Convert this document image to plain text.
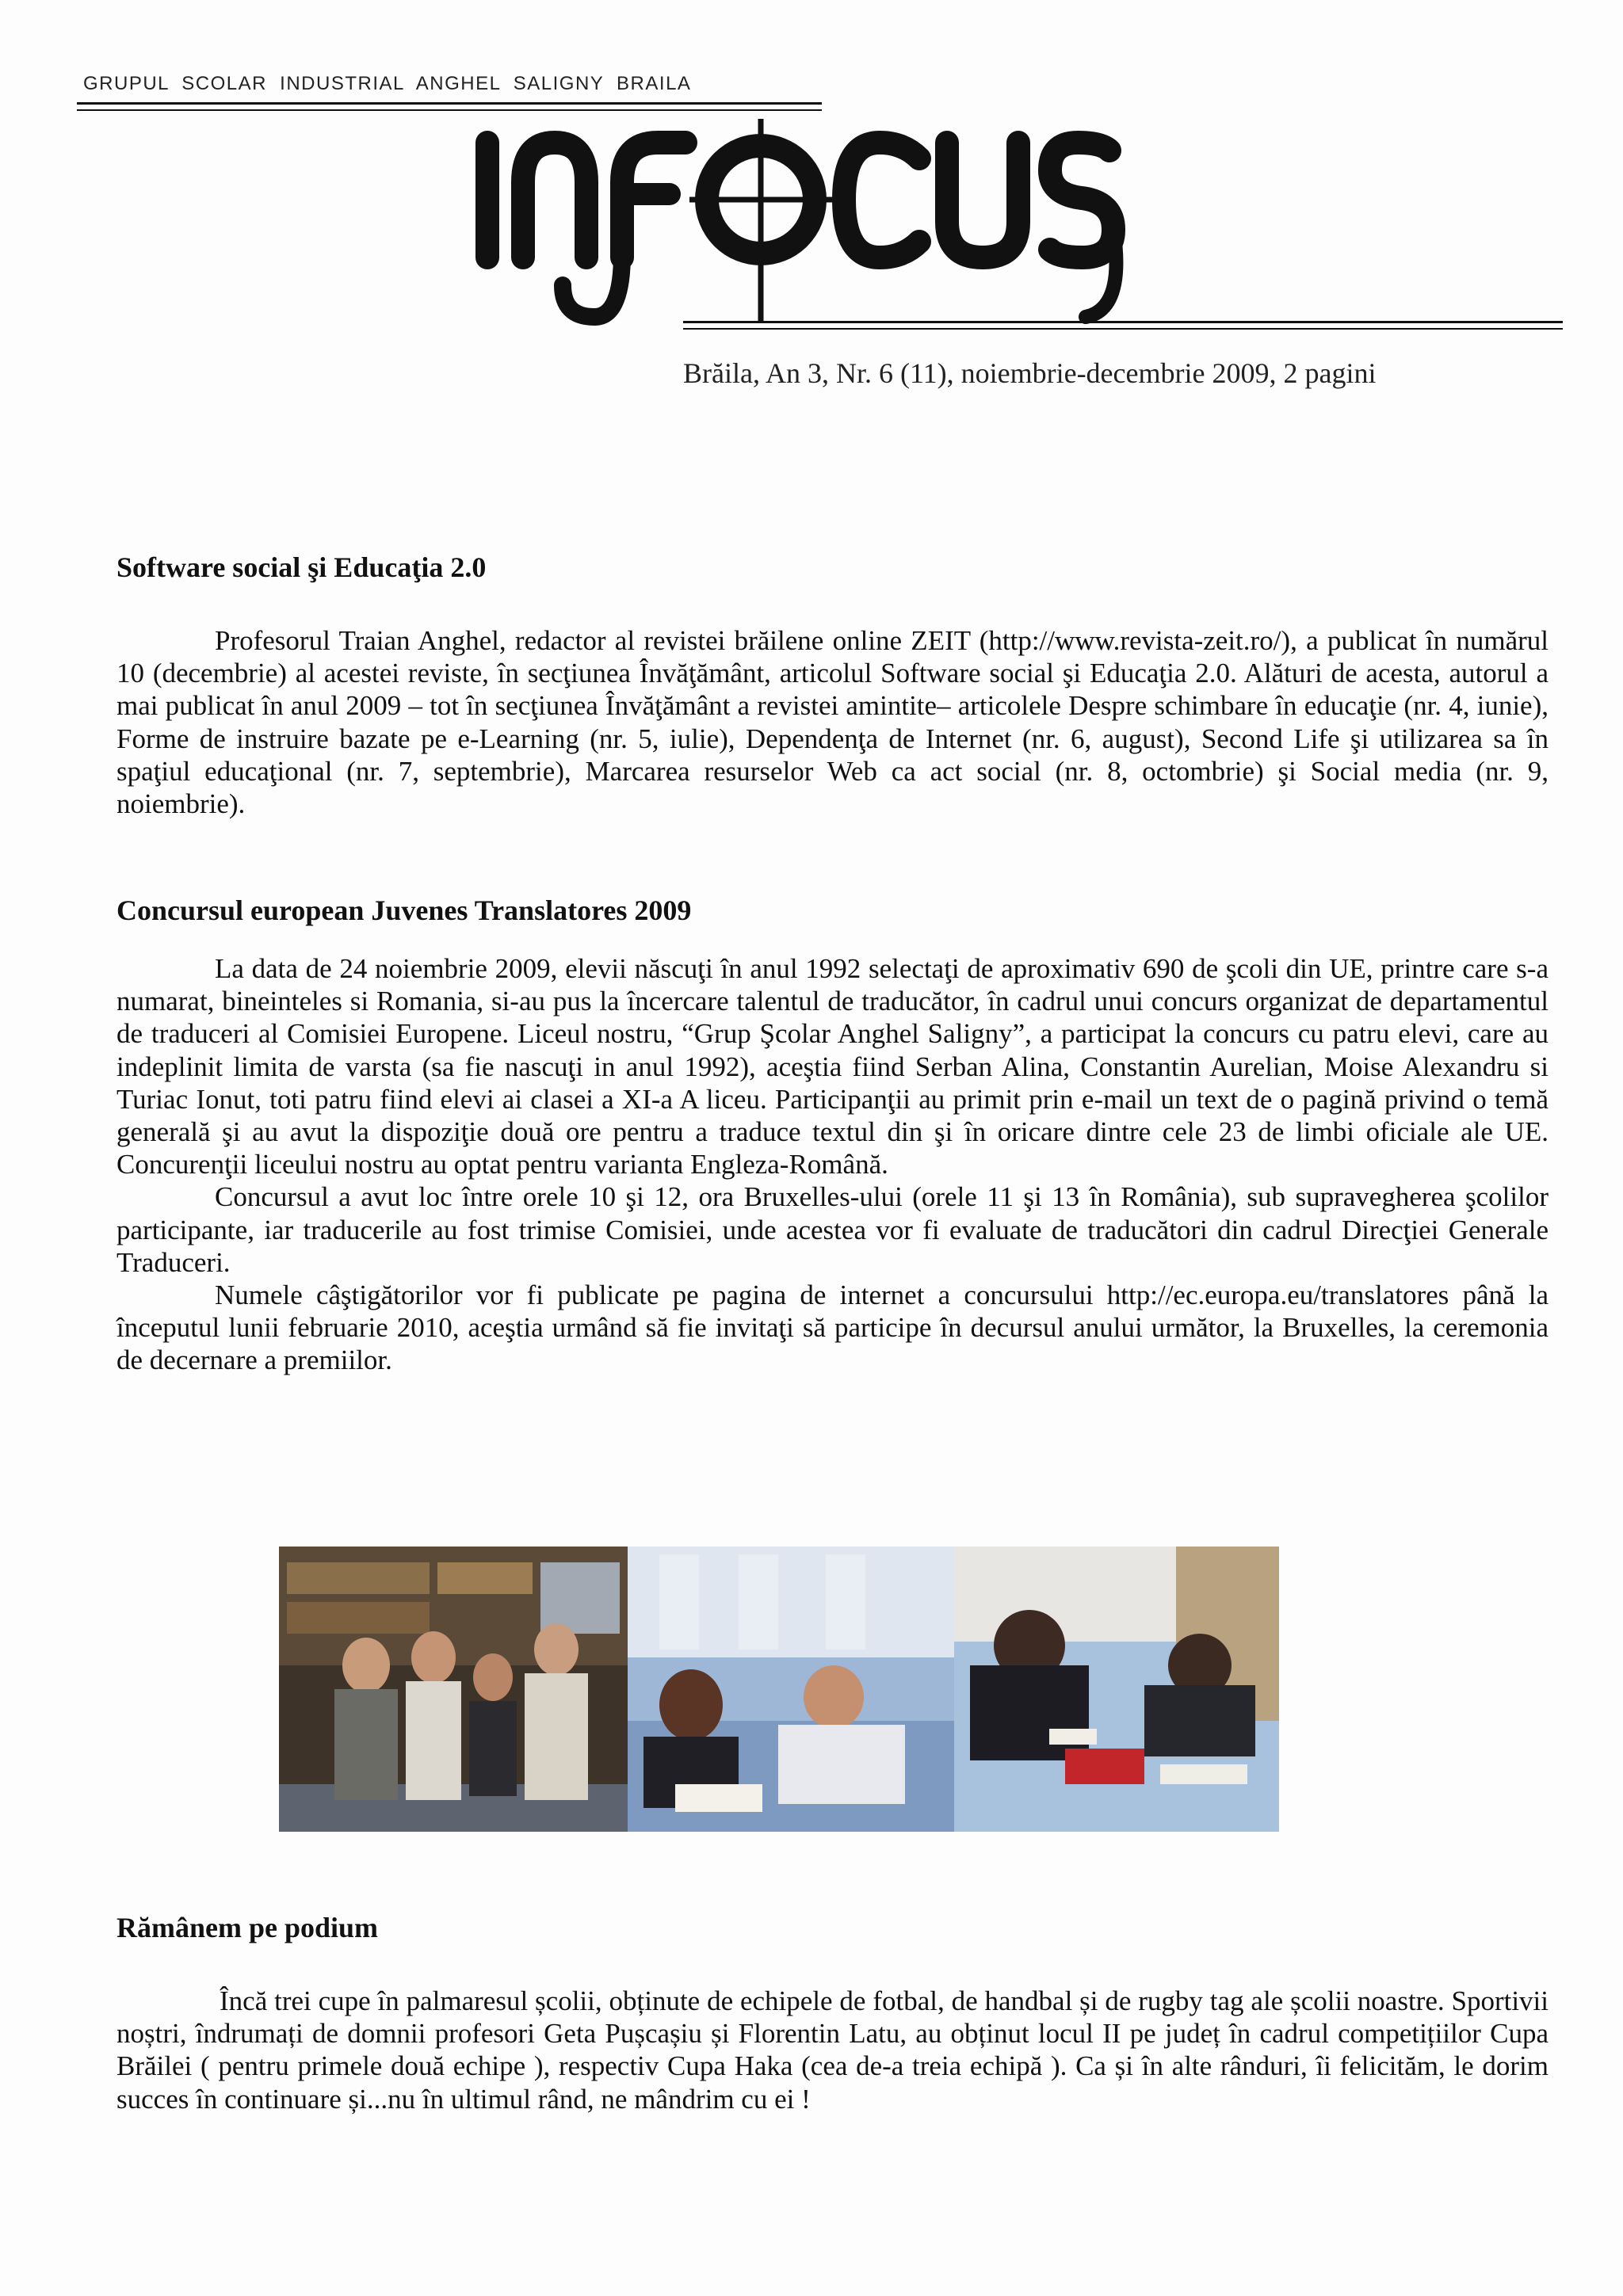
GRUPUL SCOLAR INDUSTRIAL ANGHEL SALIGNY BRAILA
Brăila, An 3, Nr. 6 (11), noiembrie-decembrie 2009, 2 pagini
Software social şi Educaţia 2.0

Profesorul Traian Anghel, redactor al revistei brăilene online ZEIT (http://www.revista-zeit.ro/), a publicat în numărul 10 (decembrie) al acestei reviste, în secţiunea Învăţământ, articolul Software social şi Educaţia 2.0. Alături de acesta, autorul a mai publicat în anul 2009 – tot în secţiunea Învăţământ a revistei amintite– articolele Despre schimbare în educaţie (nr. 4, iunie), Forme de instruire bazate pe e-Learning (nr. 5, iulie), Dependenţa de Internet (nr. 6, august), Second Life şi utilizarea sa în spaţiul educaţional (nr. 7, septembrie), Marcarea resurselor Web ca act social (nr. 8, octombrie) şi Social media (nr. 9, noiembrie).

Concursul european Juvenes Translatores 2009

La data de 24 noiembrie 2009, elevii născuţi în anul 1992 selectaţi de aproximativ 690 de şcoli din UE, printre care s-a numarat, bineinteles si Romania, si-au pus la încercare talentul de traducător, în cadrul unui concurs organizat de departamentul de traduceri al Comisiei Europene. Liceul nostru, “Grup Şcolar Anghel Saligny”, a participat la concurs cu patru elevi, care au indeplinit limita de varsta (sa fie nascuţi in anul 1992), aceştia fiind Serban Alina, Constantin Aurelian, Moise Alexandru si Turiac Ionut, toti patru fiind elevi ai clasei a XI-a A liceu. Participanţii au primit prin e-mail un text de o pagină privind o temă generală şi au avut la dispoziţie două ore pentru a traduce textul din şi în oricare dintre cele 23 de limbi oficiale ale UE. Concurenţii liceului nostru au optat pentru varianta Engleza-Română.

Concursul a avut loc între orele 10 şi 12, ora Bruxelles-ului (orele 11 şi 13 în România), sub supravegherea şcolilor participante, iar traducerile au fost trimise Comisiei, unde acestea vor fi evaluate de traducători din cadrul Direcţiei Generale Traduceri.

Numele câştigătorilor vor fi publicate pe pagina de internet a concursului http://ec.europa.eu/translatores până la începutul lunii februarie 2010, aceştia urmând să fie invitaţi să participe în decursul anului următor, la Bruxelles, la ceremonia de decernare a premiilor.

Rămânem pe podium

Încă trei cupe în palmaresul școlii, obținute de echipele de fotbal, de handbal și de rugby tag ale școlii noastre. Sportivii noștri, îndrumați de domnii profesori Geta Pușcașiu și Florentin Latu, au obținut locul II pe județ în cadrul competițiilor Cupa Brăilei ( pentru primele două echipe ), respectiv Cupa Haka (cea de-a treia echipă ). Ca și în alte rânduri, îi felicităm, le dorim succes în continuare și...nu în ultimul rând, ne mândrim cu ei !
